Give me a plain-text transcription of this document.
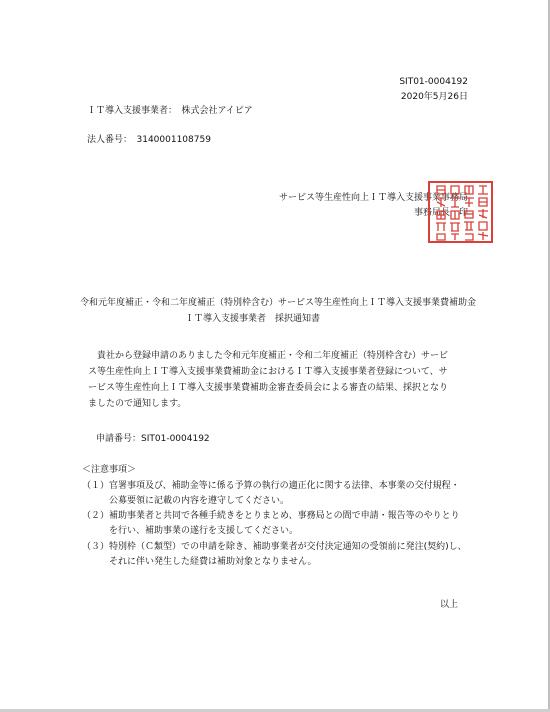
SIT01-0004192
2020年5月26日
ＩＴ導入支援事業者：　株式会社アイピア
法人番号：　3140001108759
サービス等生産性向上ＩＴ導入支援事業事務局
事務局長　印
令和元年度補正・令和二年度補正（特別枠含む）サービス等生産性向上ＩＴ導入支援事業費補助金
ＩＴ導入支援事業者　採択通知書
　貴社から登録申請のありました令和元年度補正・令和二年度補正（特別枠含む）サービ
ス等生産性向上ＩＴ導入支援事業費補助金におけるＩＴ導入支援事業者登録について、サ
ービス等生産性向上ＩＴ導入支援事業費補助金審査委員会による審査の結果、採択となり
ましたので通知します。
申請番号：SIT01-0004192
＜注意事項＞
（１）官署事項及び、補助金等に係る予算の執行の適正化に関する法律、本事業の交付規程・
　　　公募要領に記載の内容を遵守してください。
（２）補助事業者と共同で各種手続きをとりまとめ、事務局との間で申請・報告等のやりとり
　　　を行い、補助事業の遂行を支援してください。
（３）特別枠（Ｃ類型）での申請を除き、補助事業者が交付決定通知の受領前に発注(契約)し、
　　　それに伴い発生した経費は補助対象となりません。
以上
